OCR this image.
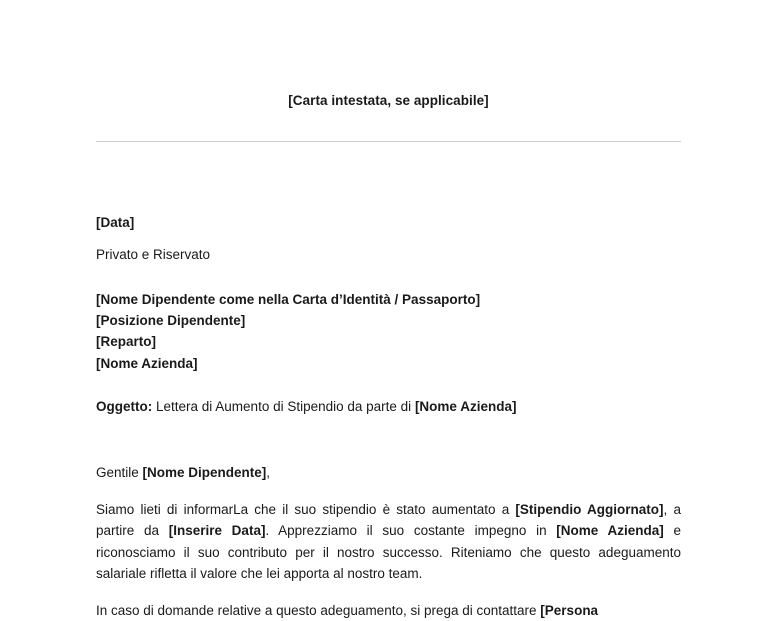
[Carta intestata, se applicabile]
[Data]
Privato e Riservato
[Nome Dipendente come nella Carta d’Identità / Passaporto]
[Posizione Dipendente]
[Reparto]
[Nome Azienda]
Oggetto: Lettera di Aumento di Stipendio da parte di [Nome Azienda]
Gentile [Nome Dipendente],
Siamo lieti di informarLa che il suo stipendio è stato aumentato a [Stipendio Aggiornato], a partire da [Inserire Data]. Apprezziamo il suo costante impegno in [Nome Azienda] e riconosciamo il suo contributo per il nostro successo. Riteniamo che questo adeguamento salariale rifletta il valore che lei apporta al nostro team.
In caso di domande relative a questo adeguamento, si prega di contattare [Persona
